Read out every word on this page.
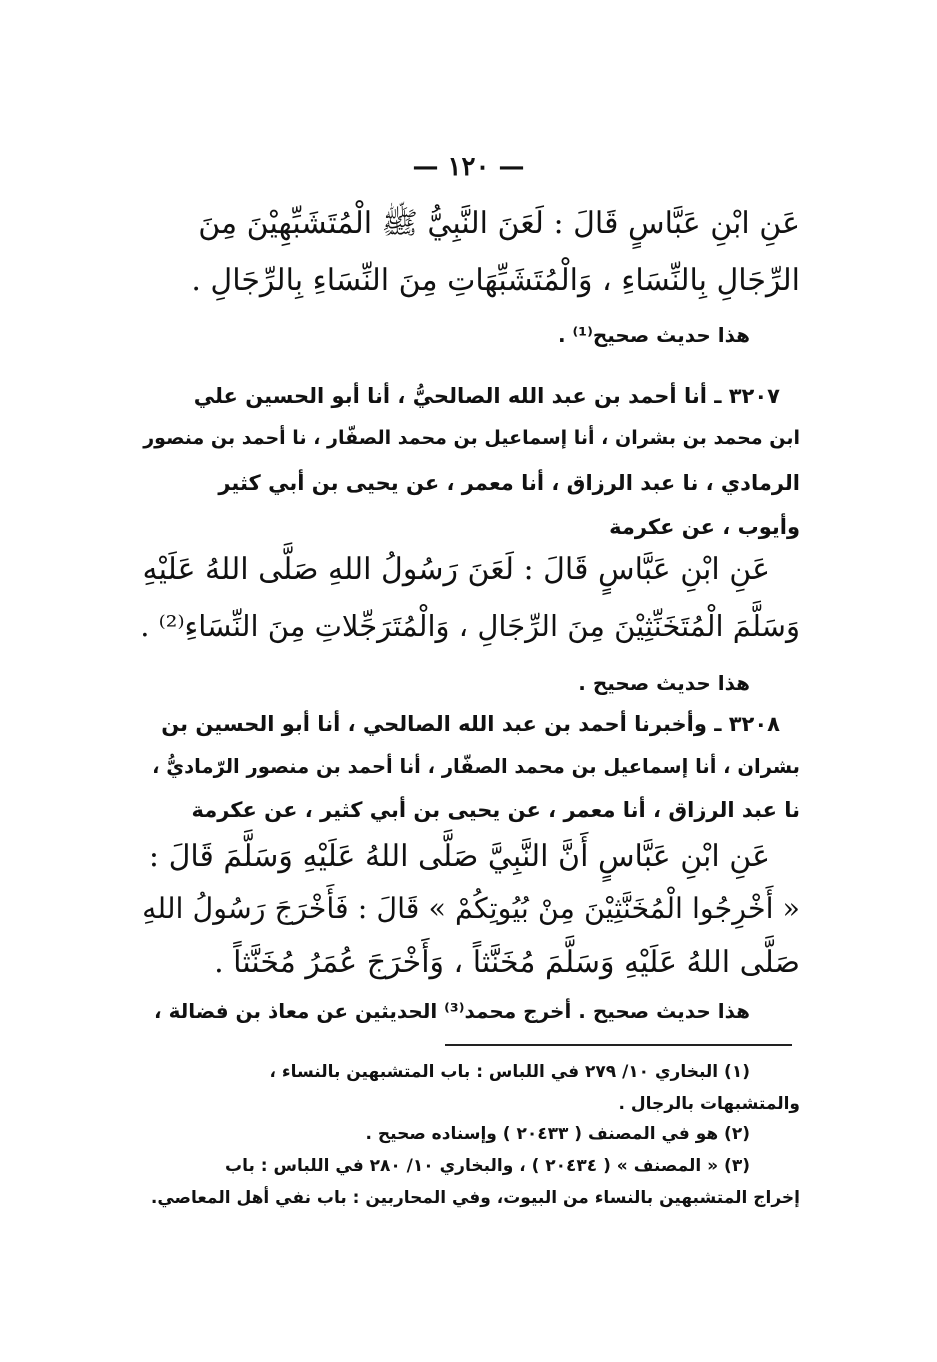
— ١٢٠ —
عَنِ ابْنِ عَبَّاسٍ قَالَ : لَعَنَ النَّبِيُّ ﷺ الْمُتَشَبِّهِيْنَ مِنَ
الرِّجَالِ بِالنِّسَاءِ ، وَالْمُتَشَبِّهَاتِ مِنَ النِّسَاءِ بِالرِّجَالِ .
هذا حديث صحيح⁽¹⁾ .
٣٢٠٧ ـ أنا أحمد بن عبد الله الصالحيُّ ، أنا أبو الحسين علي
ابن محمد بن بشران ، أنا إسماعيل بن محمد الصفّار ، نا أحمد بن منصور
الرمادي ، نا عبد الرزاق ، أنا معمر ، عن يحيى بن أبي كثير
وأيوب ، عن عكرمة
عَنِ ابْنِ عَبَّاسٍ قَالَ : لَعَنَ رَسُولُ اللهِ صَلَّى اللهُ عَلَيْهِ
وَسَلَّمَ الْمُتَخَنِّثِيْنَ مِنَ الرِّجَالِ ، وَالْمُتَرَجِّلاتِ مِنَ النِّسَاءِ⁽²⁾ .
هذا حديث صحيح .
٣٢٠٨ ـ وأخبرنا أحمد بن عبد الله الصالحي ، أنا أبو الحسين بن
بشران ، أنا إسماعيل بن محمد الصفّار ، أنا أحمد بن منصور الرّماديُّ ،
نا عبد الرزاق ، أنا معمر ، عن يحيى بن أبي كثير ، عن عكرمة
عَنِ ابْنِ عَبَّاسٍ أَنَّ النَّبِيَّ صَلَّى اللهُ عَلَيْهِ وَسَلَّمَ قَالَ :
« أَخْرِجُوا الْمُخَنَّثِيْنَ مِنْ بُيُوتِكُمْ » قَالَ : فَأَخْرَجَ رَسُولُ اللهِ
صَلَّى اللهُ عَلَيْهِ وَسَلَّمَ مُخَنَّثاً ، وَأَخْرَجَ عُمَرُ مُخَنَّثاً .
هذا حديث صحيح . أخرج محمد⁽³⁾ الحديثين عن معاذ بن فضالة ،
(١) البخاري ١٠/ ٢٧٩ في اللباس : باب المتشبهين بالنساء ،
والمتشبهات بالرجال .
(٢) هو في المصنف ( ٢٠٤٣٣ ) وإسناده صحيح .
(٣) « المصنف » ( ٢٠٤٣٤ ) ، والبخاري ١٠/ ٢٨٠ في اللباس : باب
إخراج المتشبهين بالنساء من البيوت، وفي المحاربين : باب نفي أهل المعاصي.
